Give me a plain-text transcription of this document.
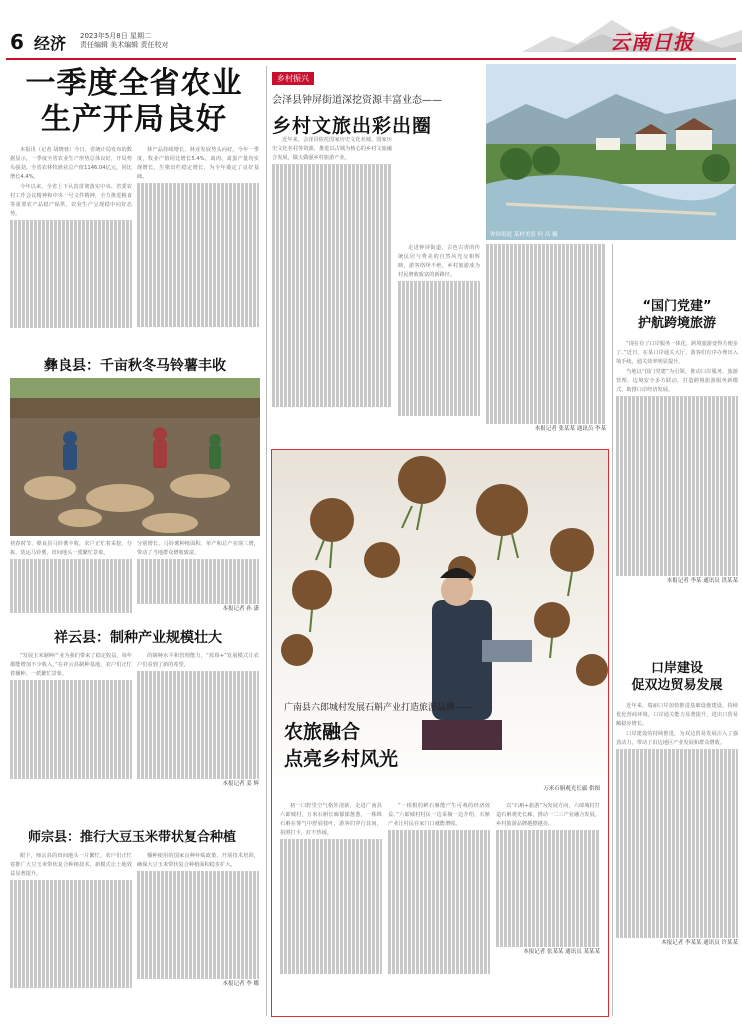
6 经济 2023年5月8日 星期二
责任编辑 美术编辑 责任校对	云南日报
一季度全省农业
生产开局良好

本报讯（记者 胡晓蓉）今日，省统计局发布的数据显示，一季度全省农业生产形势总体良好，开局势头强劲，全省农林牧渔业总产值1146.04亿元，同比增长4.4%。

今年以来，全省上下认真贯彻落实中央、省委农村工作会议精神和中央一号文件精神，全力推进粮食等重要农产品稳产保供，农业生产呈现稳中向好态势。

林产品持续增长，林业发展势头向好。今年一季度，牧业产值同比增长5.4%，禽肉、禽蛋产量均实现增长，生猪出栏稳定增长，为全年奠定了良好基础。

彝良县：千亩秋冬马铃薯丰收

初春时节，彝良县马铃薯丰收，农户正忙着采挖、分拣、装运马铃薯，田间地头一派繁忙景象。

分别增长，马铃薯种植面积、单产和总产实现三增，带动了当地群众增收致富。

本报记者 孙 潇
祥云县：制种产业规模壮大

“发展玉米制种产业为我们带来了稳定收益，每年都能增加不少收入。”在祥云县制种基地，农户们正忙着播种，一派繁忙景象。

的制种水平和管理能力，“蓝莓+”发展模式让农户们看到了新的希望。

本报记者 姜 辉
师宗县：推行大豆玉米带状复合种植

眼下，师宗县的田间地头一片繁忙，农户们正忙着推广大豆玉米带状复合种植技术，新模式让土地效益显著提升。

播种使用的国家良种补贴政策，开展技术培训，确保大豆玉米带状复合种植面积稳步扩大。

本报记者 李 娜
乡村振兴
会泽县钟屏街道深挖资源丰富业态——
乡村文旅出彩出圈
钟屏街道 某村美景 何 昌 摄

近年来，会泽县依托国家历史文化名城、国家历史文化名村等资源，推进以古城为核心的乡村文旅融合发展，做大做强乡村旅游产业。

走进钟屏街道，古色古香的传统民居与秀美的自然风光交相辉映，游客络绎不绝，乡村旅游成为村民增收致富的新路径。

本报记者 张某某 通讯员 李某
“国门党建”
护航跨境旅游

“现在有了口岸服务一体化，跨境旅游变得方便多了。”近日，在某口岸通关大厅，游客们有序办理出入境手续，通关效率明显提升。

当地以“国门党建”为引领，推动口岸服务、旅游管理、边境安全多方联动，打造跨境旅游服务新模式，助推口岸经济发展。

本报记者 李某 通讯员 洪某某
口岸建设
促双边贸易发展

近年来，瑞丽口岸加快推进基础设施建设，持续优化营商环境，口岸通关能力显著提升，进出口贸易额稳步增长。

口岸建设的持续推进，为双边贸易发展注入了强劲动力，带动了沿边地区产业发展和群众增收。

本报记者 李某某 通讯员 许某某
万米石斛观光长廊 供图
广南县六郎城村发展石斛产业打造旅游品牌——
农旅融合
点亮乡村风光

初一口腔里空气格外清新，走进广南县六郎城村，万米石斛长廊郁郁葱葱，一株株石斛在雾气中舒展枝叶，游客们穿行其间，拍照打卡，好不热闹。

“一根根的鲜石斛能产生可观的经济效益。”六郎城村村民一边采摘一边介绍，石斛产业让村民在家门口就能增收。

以“石斛+旅游”为发展方向，六郎城村打造石斛观光长廊，推动一二三产业融合发展，乡村旅游品牌越擦越亮。

本报记者 张某某 通讯员 某某某
